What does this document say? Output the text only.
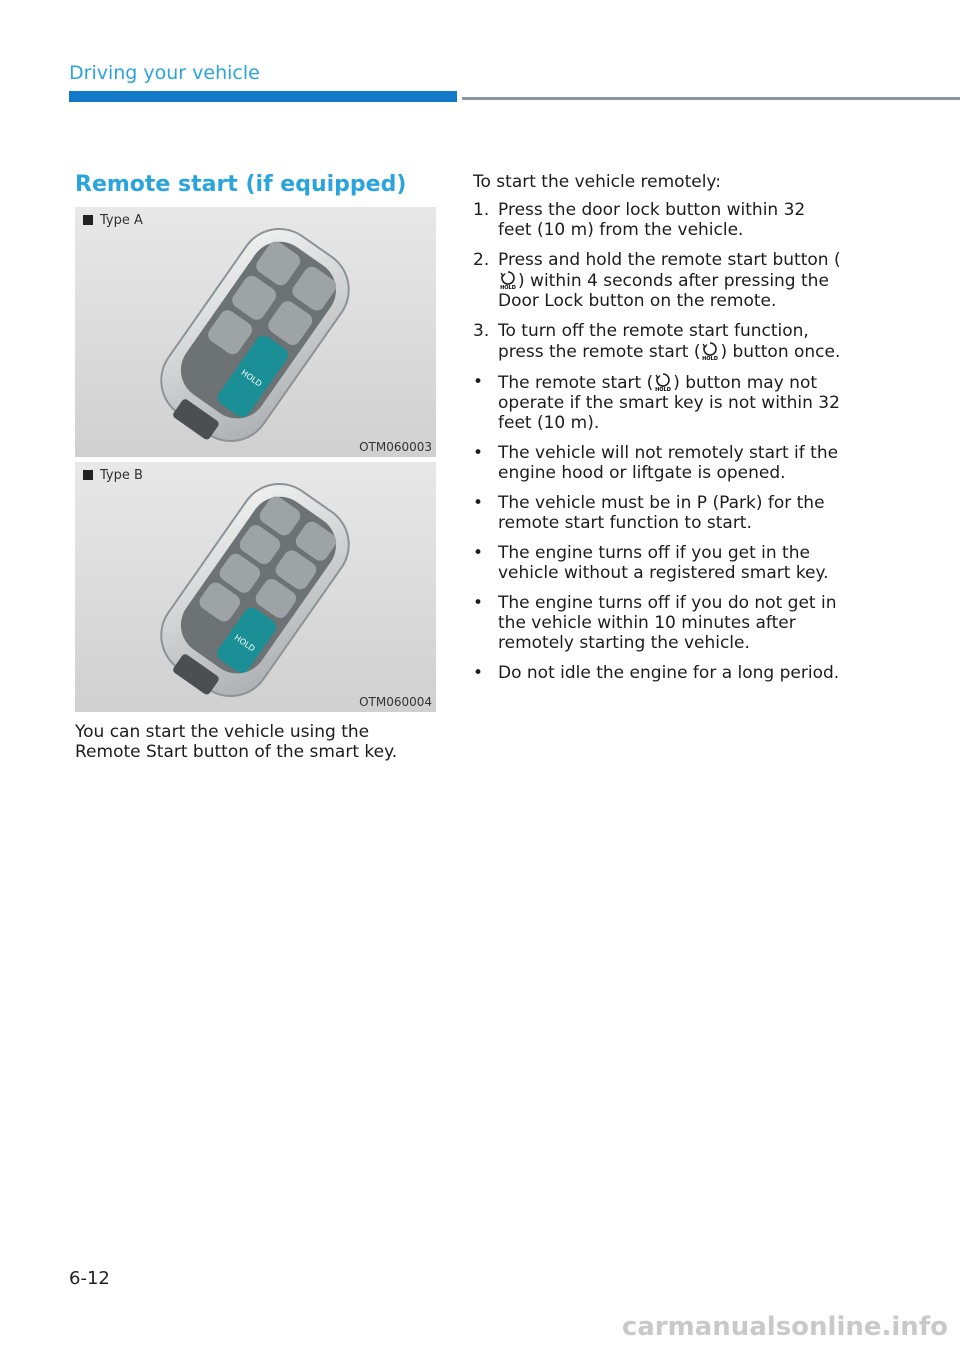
Driving your vehicle
Remote start (if equipped)
Type A
HOLD
OTM060003
Type B
HOLD
OTM060004

You can start the vehicle using the Remote Start button of the smart key.

To start the vehicle remotely:

1. Press the door lock button within 32 feet (10 m) from the vehicle.
2. Press and hold the remote start button (
HOLD ) within 4 seconds after pressing the Door Lock button on the remote.
3. To turn off the remote start function, press the remote start ( HOLD ) button once.
• The remote start ( HOLD ) button may not operate if the smart key is not within 32 feet (10 m).
• The vehicle will not remotely start if the engine hood or liftgate is opened.
• The vehicle must be in P (Park) for the remote start function to start.
• The engine turns off if you get in the vehicle without a registered smart key.
• The engine turns off if you do not get in the vehicle within 10 minutes after remotely starting the vehicle.
• Do not idle the engine for a long period.
6-12
carmanualsonline.info
